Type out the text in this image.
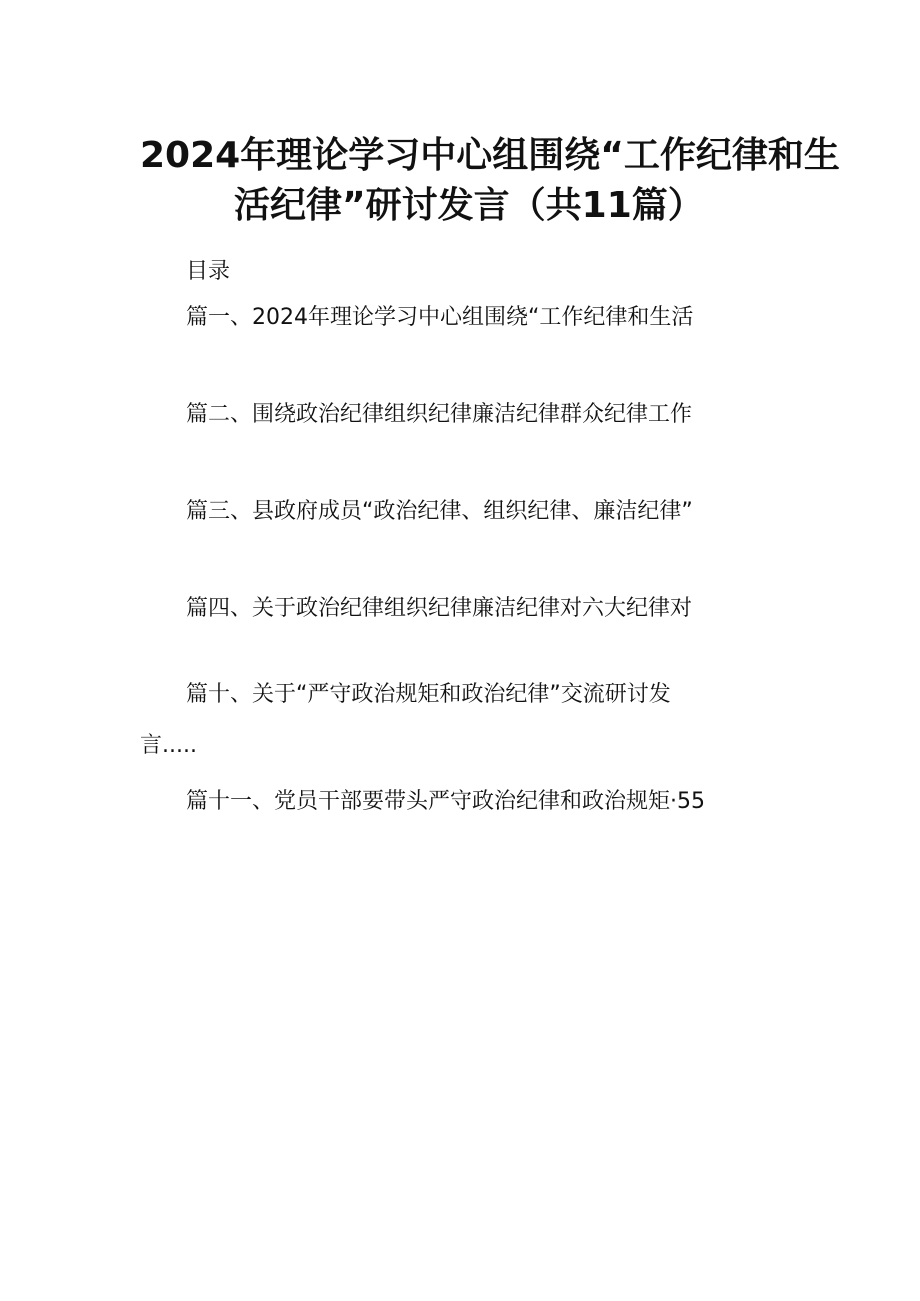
2024年理论学习中心组围绕“工作纪律和生
活纪律”研讨发言（共11篇）
目录
篇一、2024年理论学习中心组围绕“工作纪律和生活
篇二、围绕政治纪律组织纪律廉洁纪律群众纪律工作
篇三、县政府成员“政治纪律、组织纪律、廉洁纪律”
篇四、关于政治纪律组织纪律廉洁纪律对六大纪律对
篇十、关于“严守政治规矩和政治纪律”交流研讨发
言.....
篇十一、党员干部要带头严守政治纪律和政治规矩·55
